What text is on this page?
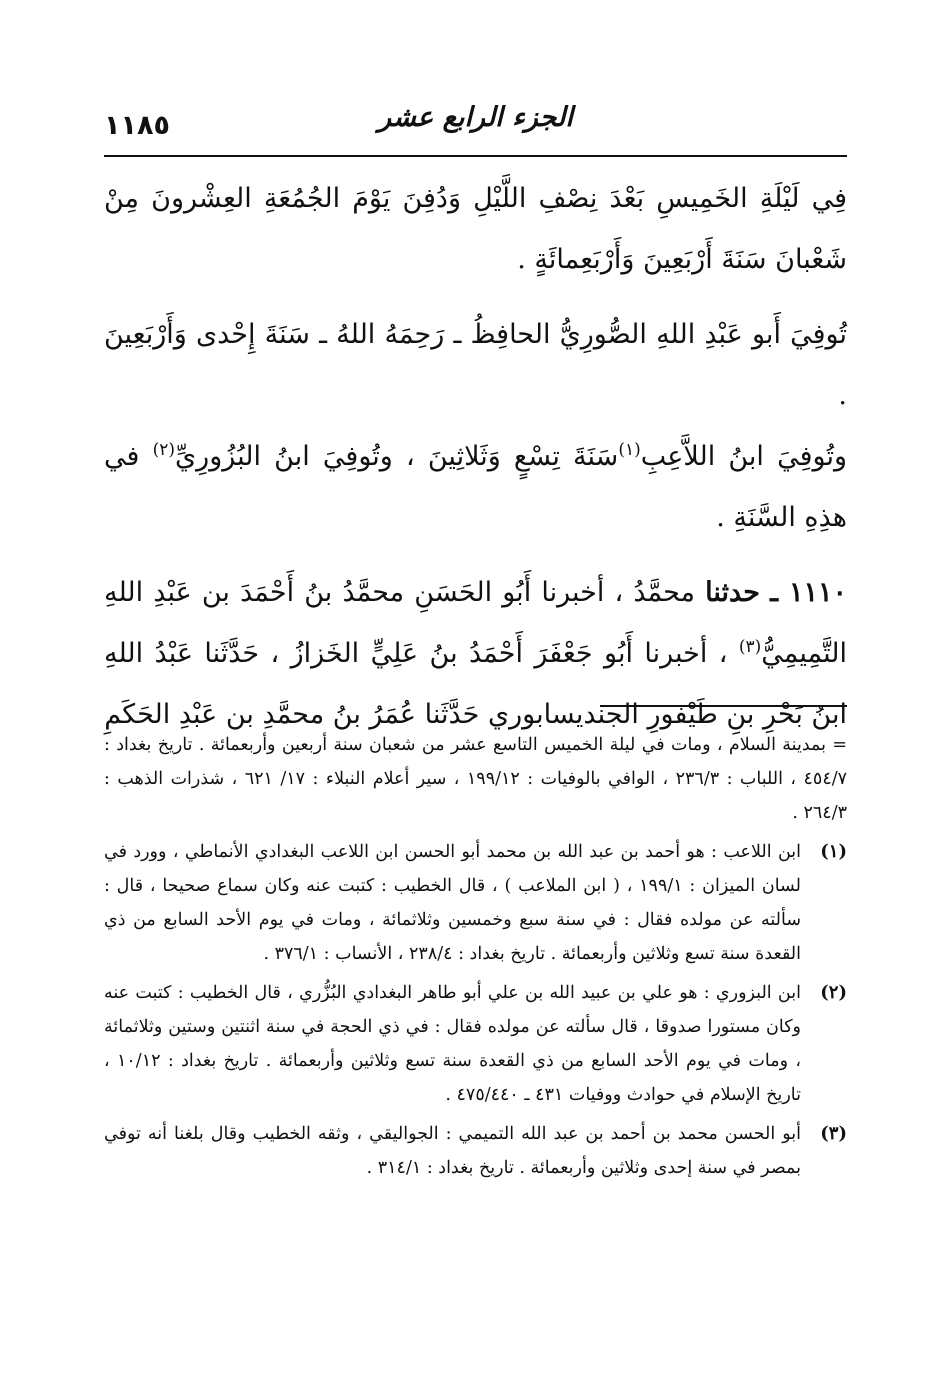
الجزء الرابع عشر
١١٨٥

فِي لَيْلَةِ الخَمِيسِ بَعْدَ نِصْفِ اللَّيْلِ وَدُفِنَ يَوْمَ الجُمُعَةِ العِشْرونَ مِنْ شَعْبانَ سَنَةَ أَرْبَعِينَ وَأَرْبَعِمائَةٍ .

تُوفِيَ أَبو عَبْدِ اللهِ الصُّورِيُّ الحافِظُ ـ رَحِمَهُ اللهُ ـ سَنَةَ إِحْدى وَأَرْبَعِينَ .

وتُوفِيَ ابنُ اللاَّعِبِ$^{(١)}$سَنَةَ تِسْعٍ وَثَلاثِينَ ، وتُوفِيَ ابنُ البُزُورِيِّ$^{(٢)}$ في هذِهِ السَّنَةِ .

١١١٠ ـ حدثنا محمَّدُ ، أخبرنا أَبُو الحَسَنِ محمَّدُ بنُ أَحْمَدَ بن عَبْدِ اللهِ التَّمِيمِيُّ$^{(٣)}$ ، أخبرنا أَبُو جَعْفَرَ أَحْمَدُ بنُ عَلِيٍّ الخَزازُ ، حَدَّثَنا عَبْدُ اللهِ ابنُ بَحْرِ بنِ طَيْفورِ الجنديسابوري حَدَّثَنا عُمَرُ بنُ محمَّدِ بن عَبْدِ الحَكَمِ

= بمدينة السلام ، ومات في ليلة الخميس التاسع عشر من شعبان سنة أربعين وأربعمائة . تاريخ بغداد : ٤٥٤/٧ ، اللباب : ٢٣٦/٣ ، الوافي بالوفيات : ١٩٩/١٢ ، سير أعلام النبلاء : ١٧/ ٦٢١ ، شذرات الذهب : ٢٦٤/٣ .

(١)
ابن اللاعب : هو أحمد بن عبد الله بن محمد أبو الحسن ابن اللاعب البغدادي الأنماطي ، وورد في لسان الميزان : ١٩٩/١ ، ( ابن الملاعب ) ، قال الخطيب : كتبت عنه وكان سماع صحيحا ، قال : سألته عن مولده فقال : في سنة سبع وخمسين وثلاثمائة ، ومات في يوم الأحد السابع من ذي القعدة سنة تسع وثلاثين وأربعمائة . تاريخ بغداد : ٢٣٨/٤ ، الأنساب : ٣٧٦/١ .
(٢)
ابن البزوري : هو علي بن عبيد الله بن علي أبو طاهر البغدادي البُزُّري ، قال الخطيب : كتبت عنه وكان مستورا صدوقا ، قال سألته عن مولده فقال : في ذي الحجة في سنة اثنتين وستين وثلاثمائة ، ومات في يوم الأحد السابع من ذي القعدة سنة تسع وثلاثين وأربعمائة . تاريخ بغداد : ١٠/١٢ ، تاريخ الإسلام في حوادث ووفيات ٤٣١ ـ ٤٧٥/٤٤٠ .
(٣)
أبو الحسن محمد بن أحمد بن عبد الله التميمي : الجواليقي ، وثقه الخطيب وقال بلغنا أنه توفي بمصر في سنة إحدى وثلاثين وأربعمائة . تاريخ بغداد : ٣١٤/١ .
